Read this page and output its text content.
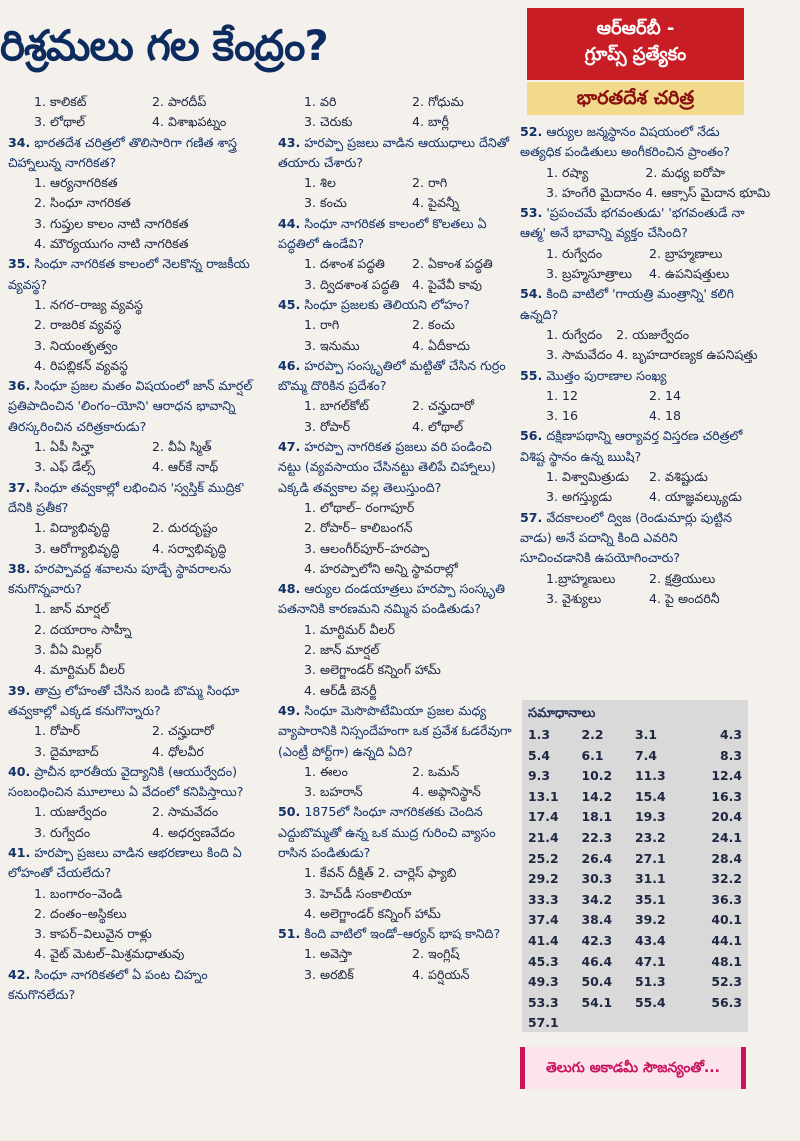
రిశ్రమలు గల కేంద్రం?	ఆర్‌ఆర్‌బీ -
గ్రూప్స్ ప్రత్యేకం
భారతదేశ చరిత్ర
1. కాలికట్	2. పారదీప్
3. లోథాల్	4. విశాఖపట్నం
34. భారతదేశ చరిత్రలో తొలిసారిగా గణిత శాస్త్ర చిహ్నాలున్న నాగరికత?
1. ఆర్యనాగరికత
2. సింధూ నాగరికత
3. గుప్తుల కాలం నాటి నాగరికత
4. మౌర్యయుగం నాటి నాగరికత
35. సింధూ నాగరికత కాలంలో నెలకొన్న రాజకీయ వ్యవస్థ?
1. నగర–రాజ్య వ్యవస్థ
2. రాజరిక వ్యవస్థ
3. నియంతృత్వం
4. రిపబ్లికన్ వ్యవస్థ
36. సింధూ ప్రజల మతం విషయంలో జాన్ మార్షల్ ప్రతిపాదించిన 'లింగం–యోని' ఆరాధన భావాన్ని తిరస్కరించిన చరిత్రకారుడు?
1. ఏపీ సిన్హా	2. వీఏ స్మిత్
3. ఎఫ్ డేల్స్	4. ఆర్‌కే నాథ్
37. సింధూ తవ్వకాల్లో లభించిన 'స్వస్తిక్ ముద్రిక' దేనికి ప్రతీక?
1. విద్యాభివృద్ధి	2. దురదృష్టం
3. ఆరోగ్యాభివృద్ధి	4. సర్వాభివృద్ధి
38. హరప్పావద్ద శవాలను పూడ్చే స్థావరాలను కనుగొన్నవారు?
1. జాన్ మార్షల్
2. దయారాం సాహ్నీ
3. వీఏ మిల్లర్
4. మార్టిమర్ వీలర్
39. తామ్ర లోహంతో చేసిన బండి బొమ్మ సింధూ తవ్వకాల్లో ఎక్కడ కనుగొన్నారు?
1. రోపార్	2. చన్హుదారో
3. దైమాబాద్	4. ధోలవీర
40. ప్రాచీన భారతీయ వైద్యానికి (ఆయుర్వేదం) సంబంధించిన మూలాలు ఏ వేదంలో కనిపిస్తాయి?
1. యజుర్వేదం	2. సామవేదం
3. రుగ్వేదం	4. అధర్వణవేదం
41. హరప్పా ప్రజలు వాడిన ఆభరణాలు కింది ఏ లోహంతో చేయలేదు?
1. బంగారం–వెండి
2. దంతం–అస్థికలు
3. కాపర్–విలువైన రాళ్లు
4. వైట్ మెటల్–మిశ్రమధాతువు
42. సింధూ నాగరికతలో ఏ పంట చిహ్నం కనుగొనలేదు?
1. వరి	2. గోధుమ
3. చెరుకు	4. బార్లీ
43. హరప్పా ప్రజలు వాడిన ఆయుధాలు దేనితో తయారు చేశారు?
1. శిల	2. రాగి
3. కంచు	4. పైవన్నీ
44. సింధూ నాగరికత కాలంలో కొలతలు ఏ పద్ధతిలో ఉండేవి?
1. దశాంశ పద్ధతి	2. ఏకాంశ పద్ధతి
3. ద్విదశాంశ పద్ధతి 4. పైవేవీ కావు
45. సింధూ ప్రజలకు తెలియని లోహం?
1. రాగి	2. కంచు
3. ఇనుము	4. ఏదీకాదు
46. హరప్పా సంస్కృతిలో మట్టితో చేసిన గుర్రం బొమ్మ దొరికిన ప్రదేశం?
1. బాగల్‌కోట్	2. చన్హుదారో
3. రోపార్	4. లోథాల్
47. హరప్పా నాగరికత ప్రజలు వరి పండించి నట్టు (వ్యవసాయం చేసినట్టు తెలిపే చిహ్నాలు) ఎక్కడి తవ్వకాల వల్ల తెలుస్తుంది?
1. లోథాల్– రంగాపూర్
2. రోపార్– కాలిబంగన్
3. ఆలంగీర్‌పూర్–హరప్పా
4. హరప్పాలోని అన్ని స్థావరాల్లో
48. ఆర్యుల దండయాత్రలు హరప్పా సంస్కృతి పతనానికి కారణమని నమ్మిన పండితుడు?
1. మార్టిమర్ వీలర్
2. జాన్ మార్షల్
3. అలెగ్జాండర్ కన్నింగ్ హామ్
4. ఆర్‌డీ బెనర్జీ
49. సింధూ మెసొపొటేమియా ప్రజల మధ్య వ్యాపారానికి నిస్సందేహంగా ఒక ప్రవేశ ఓడరేవుగా (ఎంట్రీ పోర్ట్‌గా) ఉన్నది ఏది?
1. ఈలం	2. ఒమన్
3. బహరాన్	4. అఫ్గానిస్థాన్
50. 1875లో సింధూ నాగరికతకు చెందిన ఎద్దుబొమ్మతో ఉన్న ఒక ముద్ర గురించి వ్యాసం రాసిన పండితుడు?
1. కేవన్ దీక్షిత్ 2. చార్లెస్ ఫ్యాబి
3. హెచ్‌డీ సంకాలియా
4. అలెగ్జాండర్ కన్నింగ్ హామ్
51. కింది వాటిలో ఇండో–ఆర్యన్ భాష కానిది?
1. అవెస్తా	2. ఇంగ్లిష్
3. అరబిక్	4. పర్షియన్
52. ఆర్యుల జన్మస్థానం విషయంలో నేడు అత్యధిక పండితులు అంగీకరించిన ప్రాంతం?
1. రష్యా	2. మధ్య ఐరోపా
3. హంగేరి మైదానం 4. ఆక్సాస్ మైదాన భూమి
53. 'ప్రపంచమే భగవంతుడు' 'భగవంతుడే నా ఆత్మ' అనే భావాన్ని వ్యక్తం చేసింది?
1. రుగ్వేదం	2. బ్రాహ్మణాలు
3. బ్రహ్మసూత్రాలు	4. ఉపనిషత్తులు
54. కింది వాటిలో 'గాయత్రి మంత్రాన్ని' కలిగి ఉన్నది?
1. రుగ్వేదం	2. యజుర్వేదం
3. సామవేదం 4. బృహదారణ్యక ఉపనిషత్తు
55. మొత్తం పురాణాల సంఖ్య
1. 12	2. 14
3. 16	4. 18
56. దక్షిణాపథాన్ని ఆర్యావర్త విస్తరణ చరిత్రలో విశిష్ట స్థానం ఉన్న ఋషి?
1. విశ్వామిత్రుడు	2. వశిష్టుడు
3. అగస్త్యుడు	4. యాజ్ఞవల్క్యుడు
57. వేదకాలంలో ద్విజ (రెండుమార్లు పుట్టిన వాడు) అనే పదాన్ని కింది ఎవరిని సూచించడానికి ఉపయోగించారు?
1.బ్రాహ్మణులు	2. క్షత్రియులు
3. వైశ్యులు	4. పై అందరినీ
సమాధానాలు
1.3	2.2	3.1	4.3
5.4	6.1	7.4	8.3
9.3	10.2	11.3	12.4
13.1	14.2	15.4	16.3
17.4	18.1	19.3	20.4
21.4	22.3	23.2	24.1
25.2	26.4	27.1	28.4
29.2	30.3	31.1	32.2
33.3	34.2	35.1	36.3
37.4	38.4	39.2	40.1
41.4	42.3	43.4	44.1
45.3	46.4	47.1	48.1
49.3	50.4	51.3	52.3
53.3	54.1	55.4	56.3
57.1
తెలుగు అకాడమీ సౌజన్యంతో...
